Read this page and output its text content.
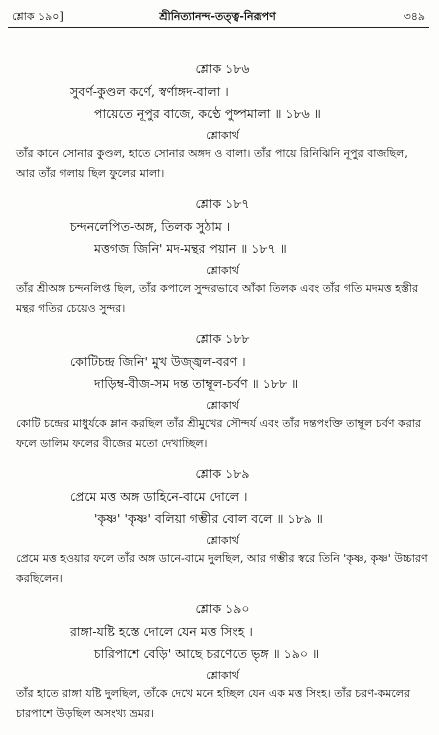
শ্লোক ১৯০]	শ্রীনিত্যানন্দ-তত্ত্ব-নিরূপণ	৩৪৯
শ্লোক ১৮৬
সুবর্ণ-কুণ্ডল কর্ণে, স্বর্ণাঙ্গদ-বালা ।
পায়েতে নূপুর বাজে, কণ্ঠে পুষ্পমালা ॥ ১৮৬ ॥
শ্লোকার্থ

তাঁর কানে সোনার কুণ্ডল, হাতে সোনার অঙ্গদ ও বালা। তাঁর পায়ে রিনিঝিনি নূপুর বাজছিল, আর তাঁর গলায় ছিল ফুলের মালা।

শ্লোক ১৮৭
চন্দনলেপিত-অঙ্গ, তিলক সুঠাম ।
মত্তগজ জিনি' মদ-মন্থর পয়ান ॥ ১৮৭ ॥
শ্লোকার্থ

তাঁর শ্রীঅঙ্গ চন্দনলিপ্ত ছিল, তাঁর কপালে সুন্দরভাবে আঁকা তিলক এবং তাঁর গতি মদমত্ত হস্তীর মন্থর গতির চেয়েও সুন্দর।

শ্লোক ১৮৮
কোটিচন্দ্র জিনি' মুখ উজ্জ্বল-বরণ ।
দাড়িম্ব-বীজ-সম দন্ত তাম্বূল-চর্বণ ॥ ১৮৮ ॥
শ্লোকার্থ

কোটি চন্দ্রের মাধুর্যকে ম্লান করছিল তাঁর শ্রীমুখের সৌন্দর্য এবং তাঁর দন্তপংক্তি তাম্বূল চর্বণ করার ফলে ডালিম ফলের বীজের মতো দেখাচ্ছিল।

শ্লোক ১৮৯
প্রেমে মত্ত অঙ্গ ডাহিনে-বামে দোলে ।
'কৃষ্ণ' 'কৃষ্ণ' বলিয়া গম্ভীর বোল বলে ॥ ১৮৯ ॥
শ্লোকার্থ

প্রেমে মত্ত হওয়ার ফলে তাঁর অঙ্গ ডানে-বামে দুলছিল, আর গম্ভীর স্বরে তিনি 'কৃষ্ণ, কৃষ্ণ' উচ্চারণ করছিলেন।

শ্লোক ১৯০
রাঙ্গা-যষ্টি হস্তে দোলে যেন মত্ত সিংহ ।
চারিপাশে বেড়ি' আছে চরণেতে ভৃঙ্গ ॥ ১৯০ ॥
শ্লোকার্থ

তাঁর হাতে রাঙ্গা যষ্টি দুলছিল, তাঁকে দেখে মনে হচ্ছিল যেন এক মত্ত সিংহ। তাঁর চরণ-কমলের চারপাশে উড়ছিল অসংখ্য ভ্রমর।
